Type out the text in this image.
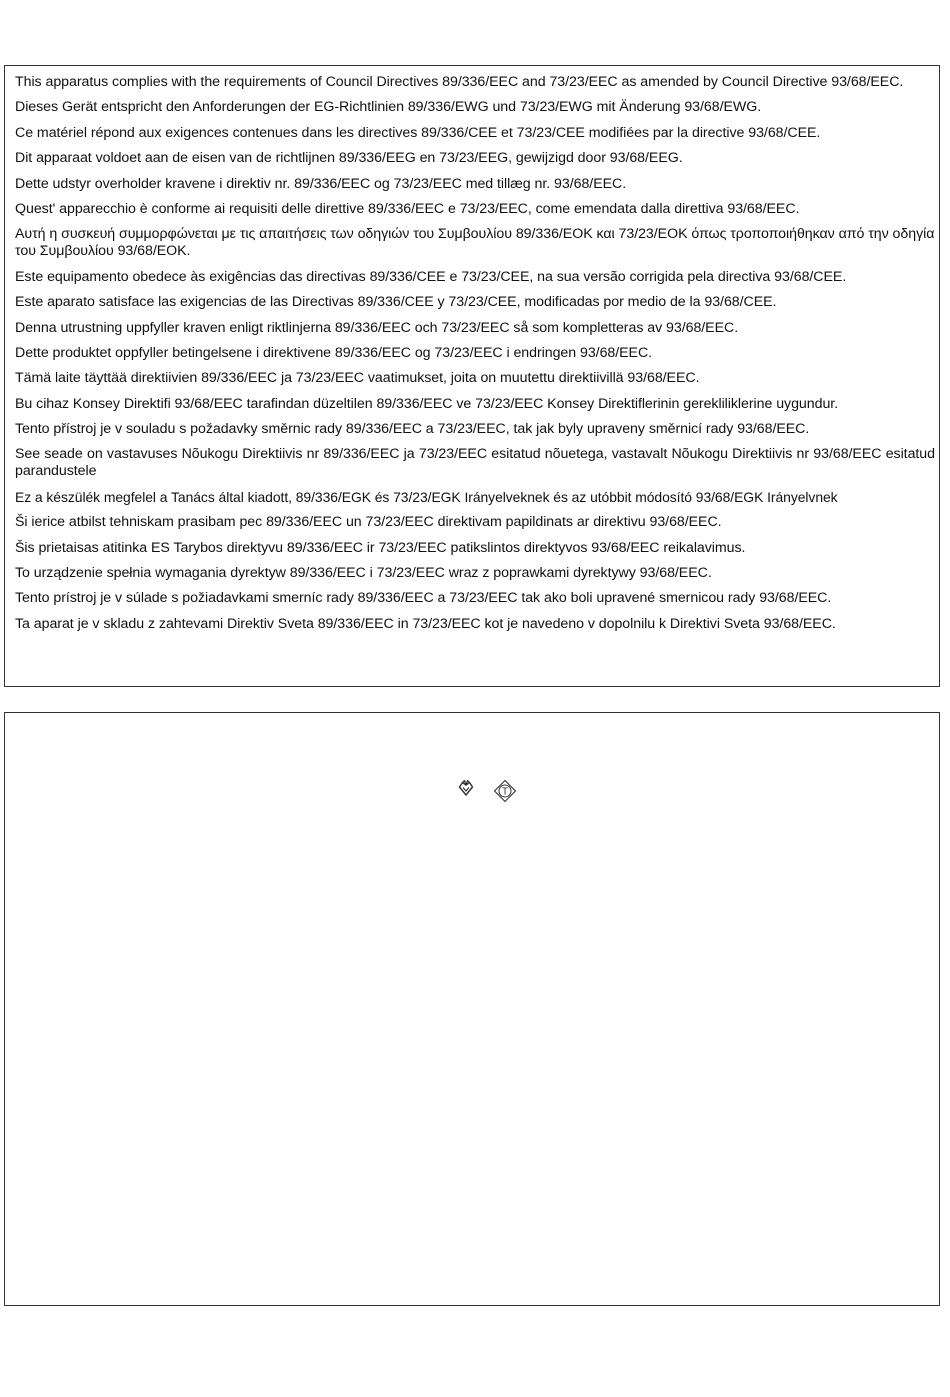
This apparatus complies with the requirements of Council Directives 89/336/EEC and 73/23/EEC as amended by Council Directive 93/68/EEC.

Dieses Gerät entspricht den Anforderungen der EG-Richtlinien 89/336/EWG und 73/23/EWG mit Änderung 93/68/EWG.

Ce matériel répond aux exigences contenues dans les directives 89/336/CEE et 73/23/CEE modifiées par la directive 93/68/CEE.

Dit apparaat voldoet aan de eisen van de richtlijnen 89/336/EEG en 73/23/EEG, gewijzigd door 93/68/EEG.

Dette udstyr overholder kravene i direktiv nr. 89/336/EEC og 73/23/EEC med tillæg nr. 93/68/EEC.

Quest' apparecchio è conforme ai requisiti delle direttive 89/336/EEC e 73/23/EEC, come emendata dalla direttiva 93/68/EEC.

Αυτή η συσκευή συμμορφώνεται με τις απαιτήσεις των οδηγιών του Συμβουλίου 89/336/ΕΟΚ και 73/23/ΕΟΚ όπως τροποποιήθηκαν από την οδηγία του Συμβουλίου 93/68/ΕΟΚ.

Este equipamento obedece às exigências das directivas 89/336/CEE e 73/23/CEE, na sua versão corrigida pela directiva 93/68/CEE.

Este aparato satisface las exigencias de las Directivas 89/336/CEE y 73/23/CEE, modificadas por medio de la 93/68/CEE.

Denna utrustning uppfyller kraven enligt riktlinjerna 89/336/EEC och 73/23/EEC så som kompletteras av 93/68/EEC.

Dette produktet oppfyller betingelsene i direktivene 89/336/EEC og 73/23/EEC i endringen 93/68/EEC.

Tämä laite täyttää direktiivien 89/336/EEC ja 73/23/EEC vaatimukset, joita on muutettu direktiivillä 93/68/EEC.

Bu cihaz Konsey Direktifi 93/68/EEC tarafindan düzeltilen 89/336/EEC ve 73/23/EEC Konsey Direktiflerinin gerekliliklerine uygundur.

Tento přístroj je v souladu s požadavky směrnic rady 89/336/EEC a 73/23/EEC, tak jak byly upraveny směrnicí rady 93/68/EEC.

See seade on vastavuses Nõukogu Direktiivis nr 89/336/EEC ja 73/23/EEC esitatud nõuetega, vastavalt Nõukogu Direktiivis nr 93/68/EEC esitatud parandustele

Ez a készülék megfelel a Tanács által kiadott, 89/336/EGK és 73/23/EGK Irányelveknek és az utóbbit módosító 93/68/EGK Irányelvnek

Ši ierice atbilst tehniskam prasibam pec 89/336/EEC un 73/23/EEC direktivam papildinats ar direktivu 93/68/EEC.

Šis prietaisas atitinka ES Tarybos direktyvu 89/336/EEC ir 73/23/EEC patikslintos direktyvos 93/68/EEC reikalavimus.

To urządzenie spełnia wymagania dyrektyw 89/336/EEC i 73/23/EEC wraz z poprawkami dyrektywy 93/68/EEC.

Tento prístroj je v súlade s požiadavkami smerníc rady 89/336/EEC a 73/23/EEC tak ako boli upravené smernicou rady 93/68/EEC.

Ta aparat je v skladu z zahtevami Direktiv Sveta 89/336/EEC in 73/23/EEC kot je navedeno v dopolnilu k Direktivi Sveta 93/68/EEC.

T
